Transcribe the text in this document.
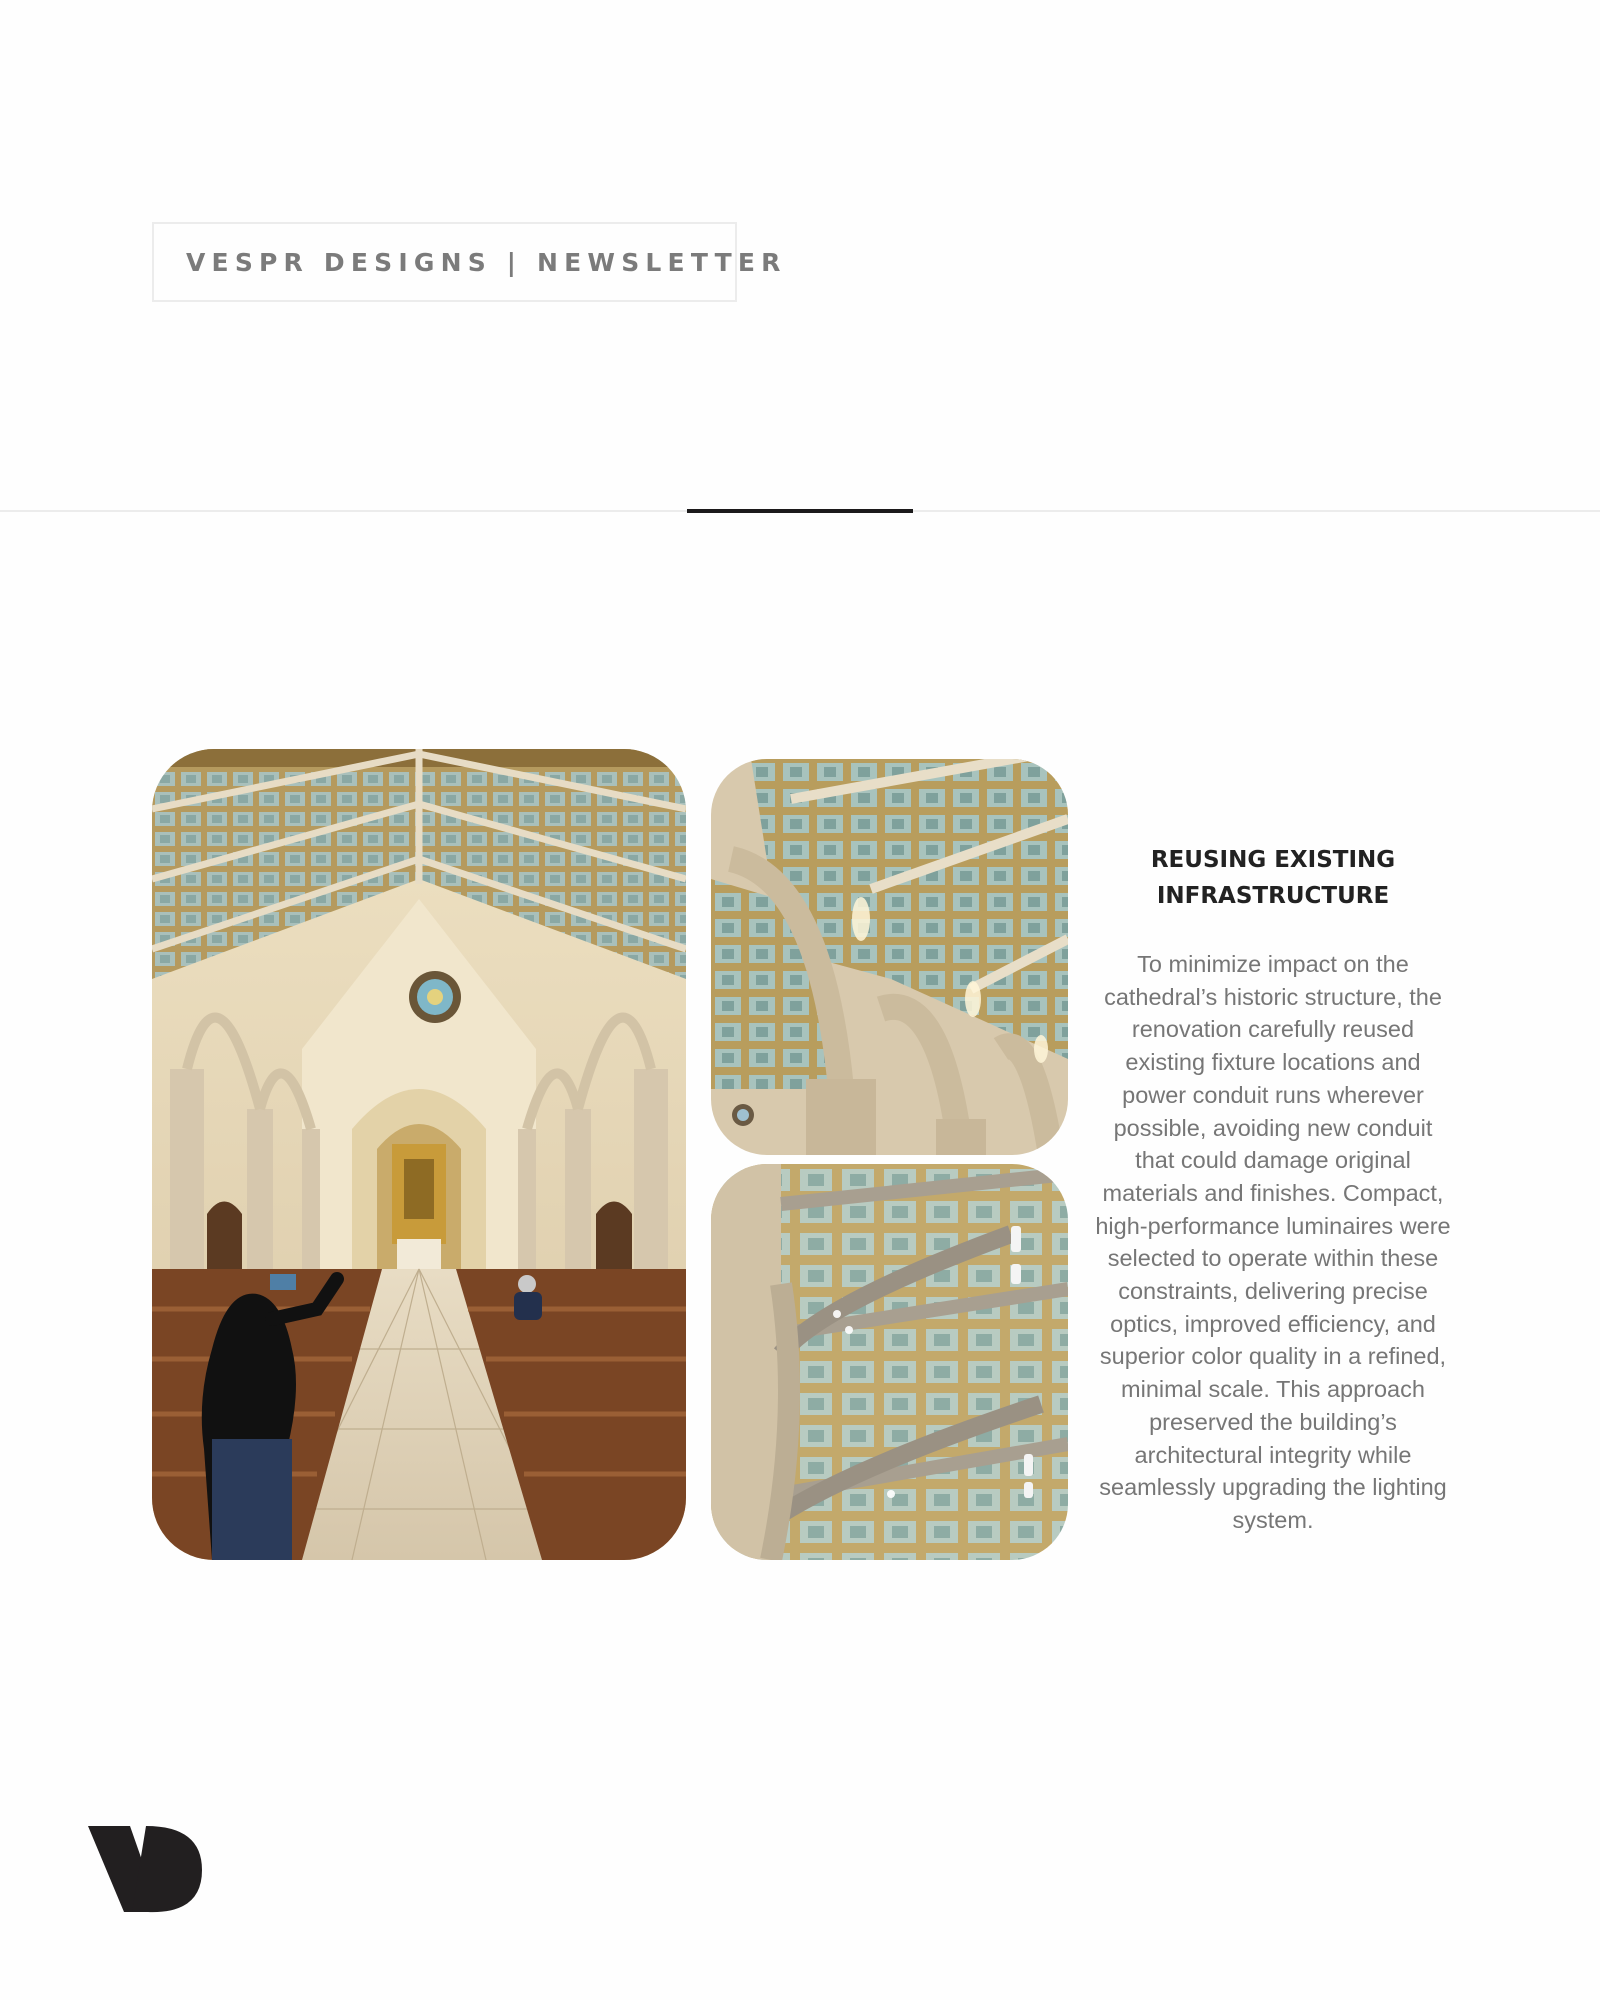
VESPR DESIGNS | NEWSLETTER
REUSING EXISTING
INFRASTRUCTURE

To minimize impact on the cathedral’s historic structure, the renovation carefully reused existing fixture locations and power conduit runs wherever possible, avoiding new conduit that could damage original materials and finishes. Compact, high-performance luminaires were selected to operate within these constraints, delivering precise optics, improved efficiency, and superior color quality in a refined, minimal scale. This approach preserved the building’s architectural integrity while seamlessly upgrading the lighting system.
